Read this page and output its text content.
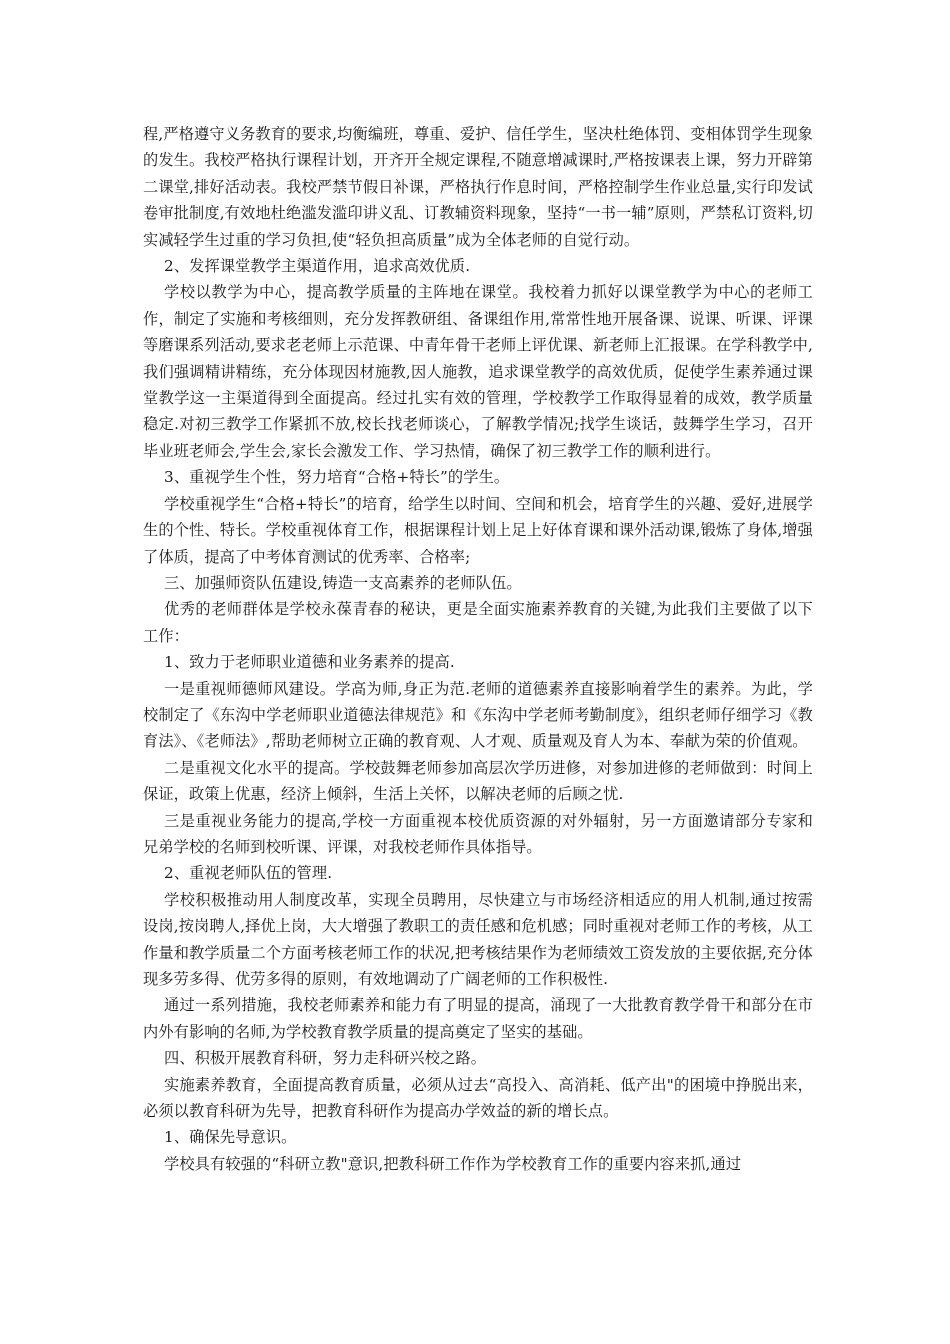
程,严格遵守义务教育的要求,均衡编班，尊重、爱护、信任学生，坚决杜绝体罚、变相体罚学生现象的发生。我校严格执行课程计划，开齐开全规定课程,不随意增减课时,严格按课表上课，努力开辟第二课堂,排好活动表。我校严禁节假日补课，严格执行作息时间，严格控制学生作业总量,实行印发试卷审批制度,有效地杜绝滥发滥印讲义乱、订教辅资料现象，坚持“一书一辅”原则，严禁私订资料,切实减轻学生过重的学习负担,使“轻负担高质量”成为全体老师的自觉行动。

2、发挥课堂教学主渠道作用，追求高效优质.

学校以教学为中心，提高教学质量的主阵地在课堂。我校着力抓好以课堂教学为中心的老师工作，制定了实施和考核细则，充分发挥教研组、备课组作用,常常性地开展备课、说课、听课、评课等磨课系列活动,要求老老师上示范课、中青年骨干老师上评优课、新老师上汇报课。在学科教学中,我们强调精讲精练，充分体现因材施教,因人施教，追求课堂教学的高效优质，促使学生素养通过课堂教学这一主渠道得到全面提高。经过扎实有效的管理，学校教学工作取得显着的成效，教学质量稳定.对初三教学工作紧抓不放,校长找老师谈心，了解教学情况;找学生谈话，鼓舞学生学习，召开毕业班老师会,学生会,家长会激发工作、学习热情，确保了初三教学工作的顺利进行。

3、重视学生个性，努力培育“合格+特长”的学生。

学校重视学生“合格+特长”的培育，给学生以时间、空间和机会，培育学生的兴趣、爱好,进展学生的个性、特长。学校重视体育工作，根据课程计划上足上好体育课和课外活动课,锻炼了身体,增强了体质，提高了中考体育测试的优秀率、合格率;

三、加强师资队伍建设,铸造一支高素养的老师队伍。

优秀的老师群体是学校永葆青春的秘诀，更是全面实施素养教育的关键,为此我们主要做了以下工作：

1、致力于老师职业道德和业务素养的提高.

一是重视师德师风建设。学高为师,身正为范.老师的道德素养直接影响着学生的素养。为此，学校制定了《东沟中学老师职业道德法律规范》和《东沟中学老师考勤制度》，组织老师仔细学习《教育法》、《老师法》,帮助老师树立正确的教育观、人才观、质量观及育人为本、奉献为荣的价值观。

二是重视文化水平的提高。学校鼓舞老师参加高层次学历进修，对参加进修的老师做到：时间上保证，政策上优惠，经济上倾斜，生活上关怀，以解决老师的后顾之忧.

三是重视业务能力的提高,学校一方面重视本校优质资源的对外辐射，另一方面邀请部分专家和兄弟学校的名师到校听课、评课，对我校老师作具体指导。

2、重视老师队伍的管理.

学校积极推动用人制度改革，实现全员聘用，尽快建立与市场经济相适应的用人机制,通过按需设岗,按岗聘人,择优上岗，大大增强了教职工的责任感和危机感；同时重视对老师工作的考核，从工作量和教学质量二个方面考核老师工作的状况,把考核结果作为老师绩效工资发放的主要依据,充分体现多劳多得、优劳多得的原则，有效地调动了广阔老师的工作积极性.

通过一系列措施，我校老师素养和能力有了明显的提高，涌现了一大批教育教学骨干和部分在市内外有影响的名师,为学校教育教学质量的提高奠定了坚实的基础。

四、积极开展教育科研，努力走科研兴校之路。

实施素养教育，全面提高教育质量，必须从过去“高投入、高消耗、低产出"的困境中挣脱出来，必须以教育科研为先导，把教育科研作为提高办学效益的新的增长点。

1、确保先导意识。

学校具有较强的“科研立教"意识,把教科研工作作为学校教育工作的重要内容来抓,通过
